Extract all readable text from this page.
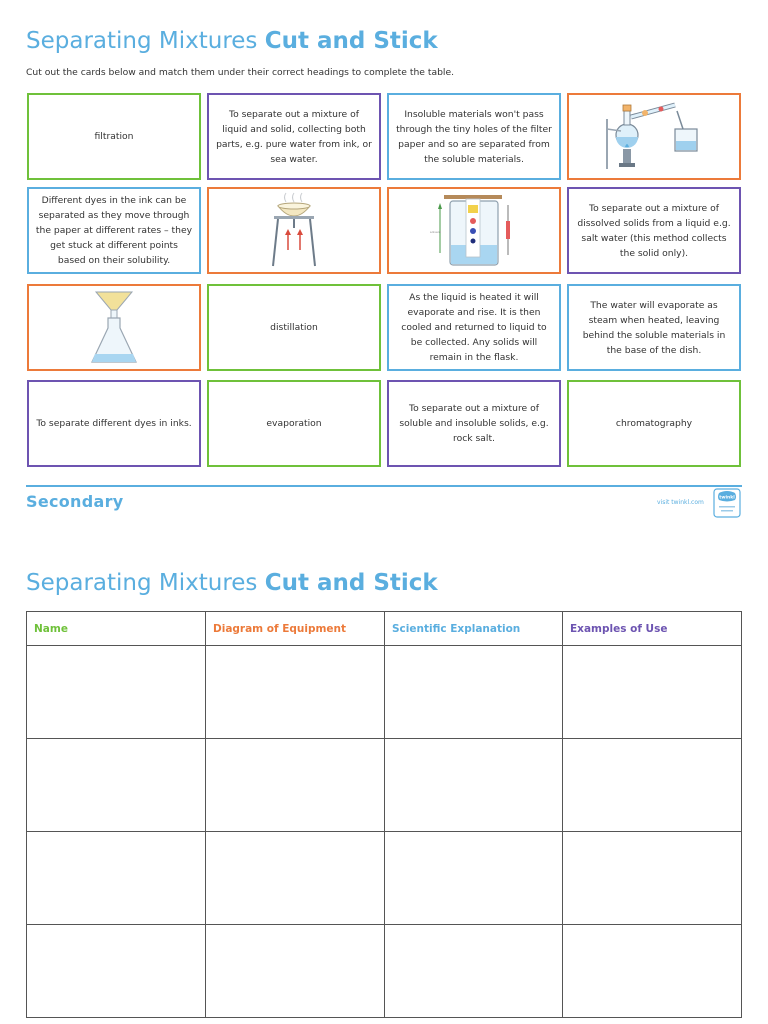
Separating Mixtures Cut and Stick
Cut out the cards below and match them under their correct headings to complete the table.
filtration
To separate out a mixture of liquid and solid, collecting both parts, e.g. pure water from ink, or sea water.
Insoluble materials won't pass through the tiny holes of the filter paper and so are separated from the soluble materials.
Different dyes in the ink can be separated as they move through the paper at different rates – they get stuck at different points based on their solubility.
solvent
To separate out a mixture of dissolved solids from a liquid e.g. salt water (this method collects the solid only).
distillation
As the liquid is heated it will evaporate and rise. It is then cooled and returned to liquid to be collected. Any solids will remain in the flask.
The water will evaporate as steam when heated, leaving behind the soluble materials in the base of the dish.
To separate different dyes in inks.	evaporation
To separate out a mixture of soluble and insoluble solids, e.g. rock salt.
chromatography
Secondary	visit twinkl.com
twinkl
Separating Mixtures Cut and Stick
Name	Diagram of Equipment	Scientific Explanation	Examples of Use
